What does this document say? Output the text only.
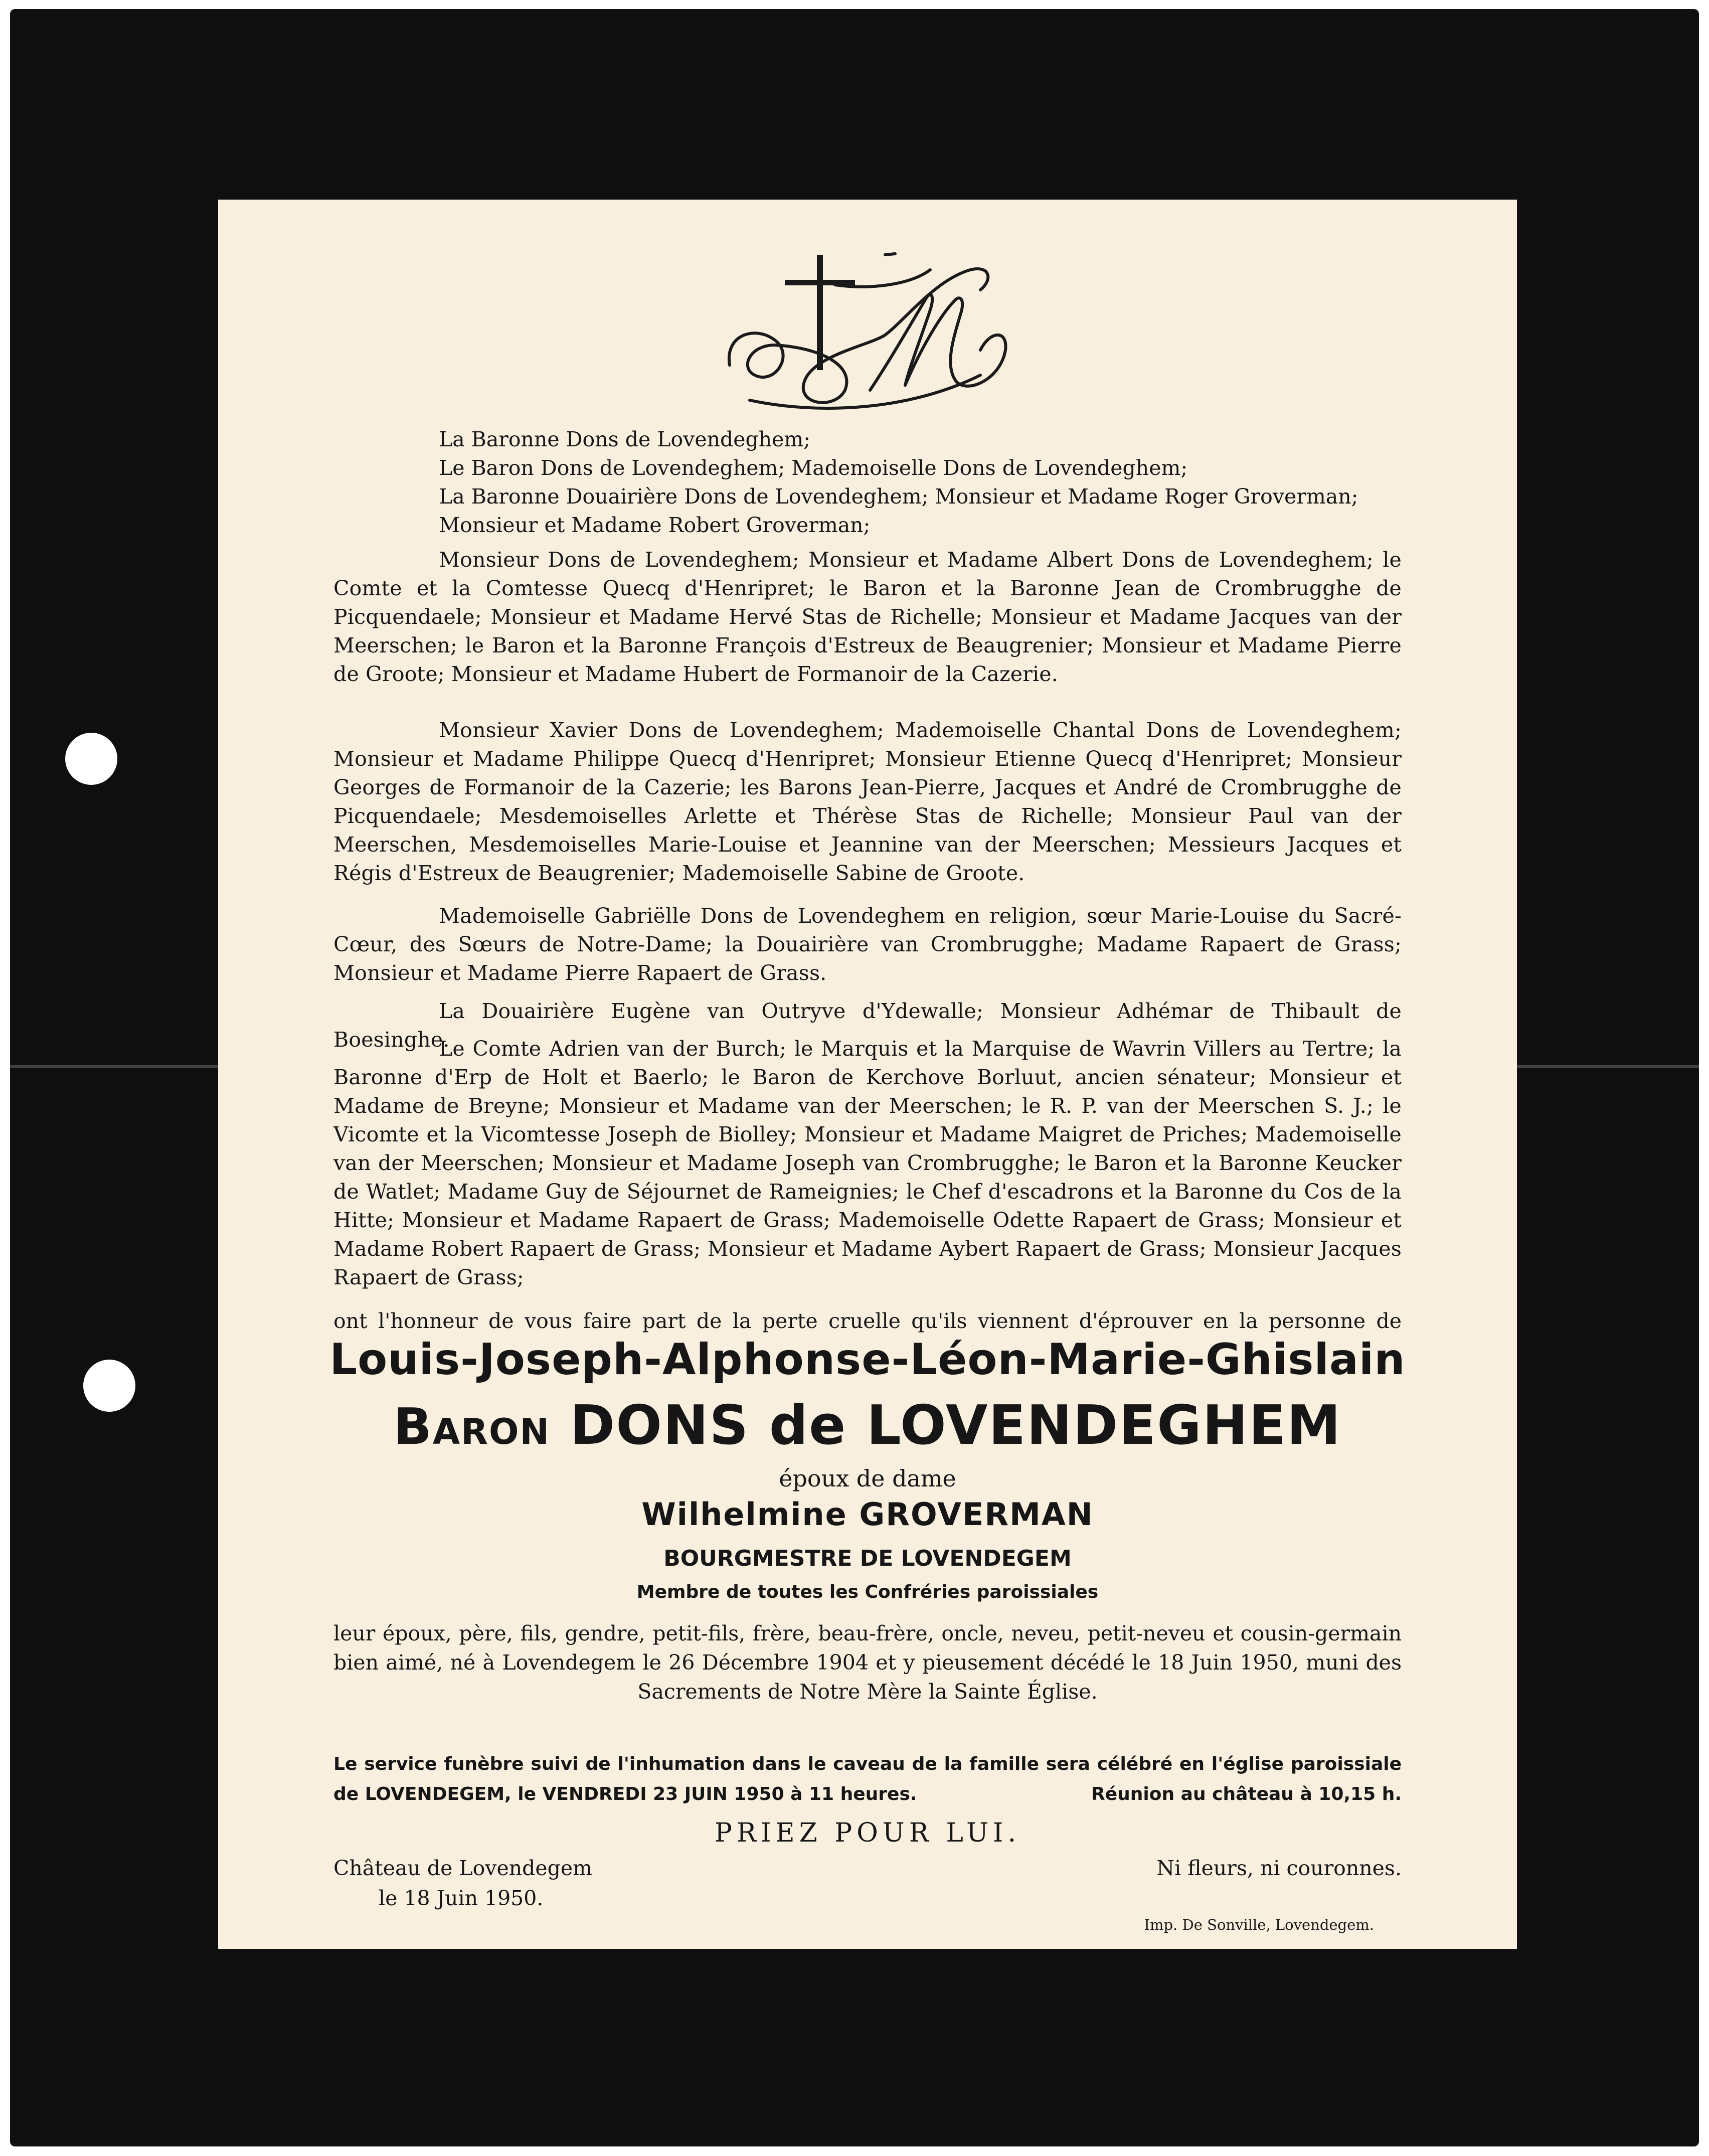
La Baronne Dons de Lovendeghem;
Le Baron Dons de Lovendeghem; Mademoiselle Dons de Lovendeghem;
La Baronne Douairière Dons de Lovendeghem; Monsieur et Madame Roger Groverman;
Monsieur et Madame Robert Groverman;

Monsieur Dons de Lovendeghem; Monsieur et Madame Albert Dons de Lovendeghem; le Comte et la Comtesse Quecq d'Henripret; le Baron et la Baronne Jean de Crombrugghe de Picquendaele; Monsieur et Madame Hervé Stas de Richelle; Monsieur et Madame Jacques van der Meerschen; le Baron et la Baronne François d'Estreux de Beaugrenier; Monsieur et Madame Pierre de Groote; Monsieur et Madame Hubert de Formanoir de la Cazerie.

Monsieur Xavier Dons de Lovendeghem; Mademoiselle Chantal Dons de Lovendeghem; Monsieur et Madame Philippe Quecq d'Henripret; Monsieur Etienne Quecq d'Henripret; Monsieur Georges de Formanoir de la Cazerie; les Barons Jean-Pierre, Jacques et André de Crombrugghe de Picquendaele; Mesdemoiselles Arlette et Thérèse Stas de Richelle; Monsieur Paul van der Meerschen, Mesdemoiselles Marie-Louise et Jeannine van der Meerschen; Messieurs Jacques et Régis d'Estreux de Beaugrenier; Mademoiselle Sabine de Groote.

Mademoiselle Gabriëlle Dons de Lovendeghem en religion, sœur Marie-Louise du Sacré-Cœur, des Sœurs de Notre-Dame; la Douairière van Crombrugghe; Madame Rapaert de Grass; Monsieur et Madame Pierre Rapaert de Grass.

La Douairière Eugène van Outryve d'Ydewalle; Monsieur Adhémar de Thibault de Boesinghe.

Le Comte Adrien van der Burch; le Marquis et la Marquise de Wavrin Villers au Tertre; la Baronne d'Erp de Holt et Baerlo; le Baron de Kerchove Borluut, ancien sénateur; Monsieur et Madame de Breyne; Monsieur et Madame van der Meerschen; le R. P. van der Meerschen S. J.; le Vicomte et la Vicomtesse Joseph de Biolley; Monsieur et Madame Maigret de Priches; Mademoiselle van der Meerschen; Monsieur et Madame Joseph van Crombrugghe; le Baron et la Baronne Keucker de Watlet; Madame Guy de Séjournet de Rameignies; le Chef d'escadrons et la Baronne du Cos de la Hitte; Monsieur et Madame Rapaert de Grass; Mademoiselle Odette Rapaert de Grass; Monsieur et Madame Robert Rapaert de Grass; Monsieur et Madame Aybert Rapaert de Grass; Monsieur Jacques Rapaert de Grass;

ont l'honneur de vous faire part de la perte cruelle qu'ils viennent d'éprouver en la personne de
Louis-Joseph-Alphonse-Léon-Marie-Ghislain
Baron DONS de LOVENDEGHEM
époux de dame
Wilhelmine GROVERMAN
BOURGMESTRE DE LOVENDEGEM
Membre de toutes les Confréries paroissiales

leur époux, père, fils, gendre, petit-fils, frère, beau-frère, oncle, neveu, petit-neveu et cousin-germain bien aimé, né à Lovendegem le 26 Décembre 1904 et y pieusement décédé le 18 Juin 1950, muni des Sacrements de Notre Mère la Sainte Église.

Le service funèbre suivi de l'inhumation dans le caveau de la famille sera célébré en l'église paroissiale
de LOVENDEGEM, le VENDREDI 23 JUIN 1950 à 11 heures.	Réunion au château à 10,15 h.
PRIEZ POUR LUI.
Château de Lovendegem
le 18 Juin 1950.
Ni fleurs, ni couronnes.
Imp. De Sonville, Lovendegem.
